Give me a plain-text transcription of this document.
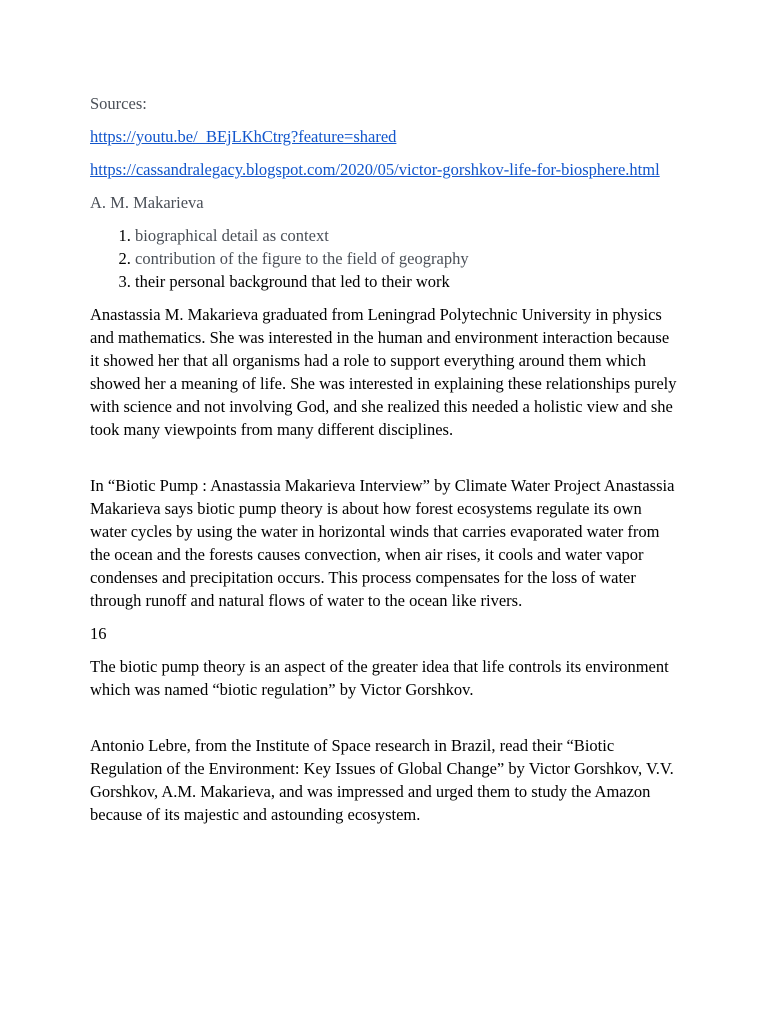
Sources:

https://youtu.be/_BEjLKhCtrg?feature=shared
https://cassandralegacy.blogspot.com/2020/05/victor-gorshkov-life-for-biosphere.html

A. M. Makarieva

1. biographical detail as context
2. contribution of the figure to the field of geography
3. their personal background that led to their work

Anastassia M. Makarieva graduated from Leningrad Polytechnic University in physics and mathematics. She was interested in the human and environment interaction because it showed her that all organisms had a role to support everything around them which showed her a meaning of life. She was interested in explaining these relationships purely with science and not involving God, and she realized this needed a holistic view and she took many viewpoints from many different disciplines.

In “Biotic Pump : Anastassia Makarieva Interview” by Climate Water Project Anastassia Makarieva says biotic pump theory is about how forest ecosystems regulate its own water cycles by using the water in horizontal winds that carries evaporated water from the ocean and the forests causes convection, when air rises, it cools and water vapor condenses and precipitation occurs. This process compensates for the loss of water through runoff and natural flows of water to the ocean like rivers.

16

The biotic pump theory is an aspect of the greater idea that life controls its environment which was named “biotic regulation” by Victor Gorshkov.

Antonio Lebre, from the Institute of Space research in Brazil, read their “Biotic Regulation of the Environment: Key Issues of Global Change” by Victor Gorshkov, V.V. Gorshkov, A.M. Makarieva, and was impressed and urged them to study the Amazon because of its majestic and astounding ecosystem.
